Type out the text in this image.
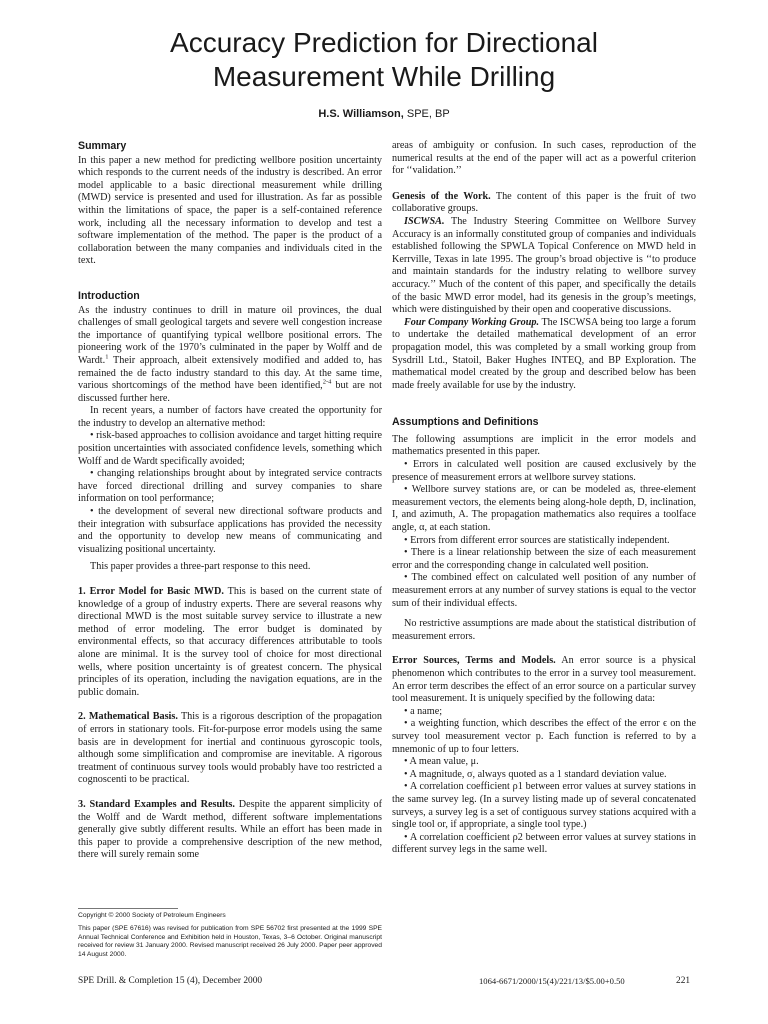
Accuracy Prediction for Directional
Measurement While Drilling
H.S. Williamson, SPE, BP
Summary

In this paper a new method for predicting wellbore position uncertainty which responds to the current needs of the industry is described. An error model applicable to a basic directional measurement while drilling (MWD) service is presented and used for illustration. As far as possible within the limitations of space, the paper is a self-contained reference work, including all the necessary information to develop and test a software implementation of the method. The paper is the product of a collaboration between the many companies and individuals cited in the text.

Introduction

As the industry continues to drill in mature oil provinces, the dual challenges of small geological targets and severe well congestion increase the importance of quantifying typical wellbore positional errors. The pioneering work of the 1970’s culminated in the paper by Wolff and de Wardt.$^1$ Their approach, albeit extensively modified and added to, has remained the de facto industry standard to this day. At the same time, various shortcomings of the method have been identified,$^{2-4}$ but are not discussed further here.

In recent years, a number of factors have created the opportunity for the industry to develop an alternative method:

• risk-based approaches to collision avoidance and target hitting require position uncertainties with associated confidence levels, something which Wolff and de Wardt specifically avoided;

• changing relationships brought about by integrated service contracts have forced directional drilling and survey companies to share information on tool performance;

• the development of several new directional software products and their integration with subsurface applications has provided the necessity and the opportunity to develop new means of communicating and visualizing positional uncertainty.

This paper provides a three-part response to this need.

1. Error Model for Basic MWD. This is based on the current state of knowledge of a group of industry experts. There are several reasons why directional MWD is the most suitable survey service to illustrate a new method of error modeling. The error budget is dominated by environmental effects, so that accuracy differences attributable to tools alone are minimal. It is the survey tool of choice for most directional wells, where position uncertainty is of greatest concern. The physical principles of its operation, including the navigation equations, are in the public domain.

2. Mathematical Basis. This is a rigorous description of the propagation of errors in stationary tools. Fit-for-purpose error models using the same basis are in development for inertial and continuous gyroscopic tools, although some simplification and compromise are inevitable. A rigorous treatment of continuous survey tools would probably have too restricted a cognoscenti to be practical.

3. Standard Examples and Results. Despite the apparent simplicity of the Wolff and de Wardt method, different software implementations generally give subtly different results. While an effort has been made in this paper to provide a comprehensive description of the new method, there will surely remain some

Copyright © 2000 Society of Petroleum Engineers

This paper (SPE 67616) was revised for publication from SPE 56702 first presented at the 1999 SPE Annual Technical Conference and Exhibition held in Houston, Texas, 3–6 October. Original manuscript received for review 31 January 2000. Revised manuscript received 26 July 2000. Paper peer approved 14 August 2000.

areas of ambiguity or confusion. In such cases, reproduction of the numerical results at the end of the paper will act as a powerful criterion for ‘‘validation.’’

Genesis of the Work. The content of this paper is the fruit of two collaborative groups.

ISCWSA. The Industry Steering Committee on Wellbore Survey Accuracy is an informally constituted group of companies and individuals established following the SPWLA Topical Conference on MWD held in Kerrville, Texas in late 1995. The group’s broad objective is ‘‘to produce and maintain standards for the industry relating to wellbore survey accuracy.’’ Much of the content of this paper, and specifically the details of the basic MWD error model, had its genesis in the group’s meetings, which were distinguished by their open and cooperative discussions.

Four Company Working Group. The ISCWSA being too large a forum to undertake the detailed mathematical development of an error propagation model, this was completed by a small working group from Sysdrill Ltd., Statoil, Baker Hughes INTEQ, and BP Exploration. The mathematical model created by the group and described below has been made freely available for use by the industry.

Assumptions and Definitions

The following assumptions are implicit in the error models and mathematics presented in this paper.

• Errors in calculated well position are caused exclusively by the presence of measurement errors at wellbore survey stations.

• Wellbore survey stations are, or can be modeled as, three-element measurement vectors, the elements being along-hole depth, D, inclination, I, and azimuth, A. The propagation mathematics also requires a toolface angle, α, at each station.

• Errors from different error sources are statistically independent.

• There is a linear relationship between the size of each measurement error and the corresponding change in calculated well position.

• The combined effect on calculated well position of any number of measurement errors at any number of survey stations is equal to the vector sum of their individual effects.

No restrictive assumptions are made about the statistical distribution of measurement errors.

Error Sources, Terms and Models. An error source is a physical phenomenon which contributes to the error in a survey tool measurement. An error term describes the effect of an error source on a particular survey tool measurement. It is uniquely specified by the following data:

• a name;

• a weighting function, which describes the effect of the error ϵ on the survey tool measurement vector p. Each function is referred to by a mnemonic of up to four letters.

• A mean value, μ.

• A magnitude, σ, always quoted as a 1 standard deviation value.

• A correlation coefficient ρ1 between error values at survey stations in the same survey leg. (In a survey listing made up of several concatenated surveys, a survey leg is a set of contiguous survey stations acquired with a single tool or, if appropriate, a single tool type.)

• A correlation coefficient ρ2 between error values at survey stations in different survey legs in the same well.

SPE Drill. & Completion 15 (4), December 2000	1064-6671/2000/15(4)/221/13/$5.00+0.50	221
